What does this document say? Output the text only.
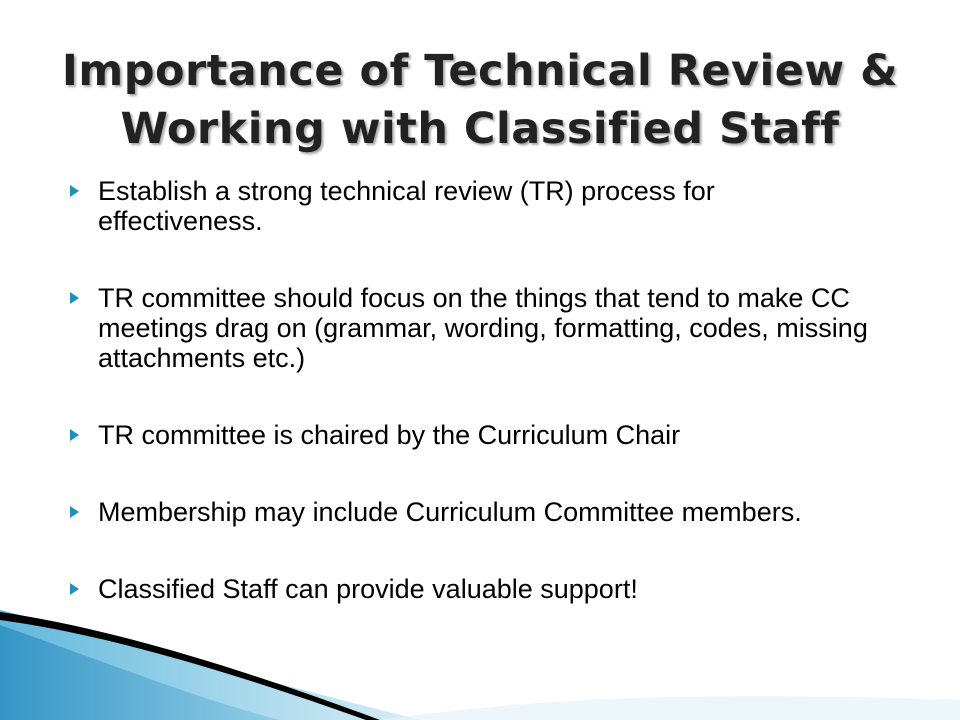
Importance of Technical Review &
Working with Classified Staff
Establish a strong technical review (TR) process for effectiveness.
TR committee should focus on the things that tend to make CC meetings drag on (grammar, wording, formatting, codes, missing attachments etc.)
TR committee is chaired by the Curriculum Chair
Membership may include Curriculum Committee members.
Classified Staff can provide valuable support!
